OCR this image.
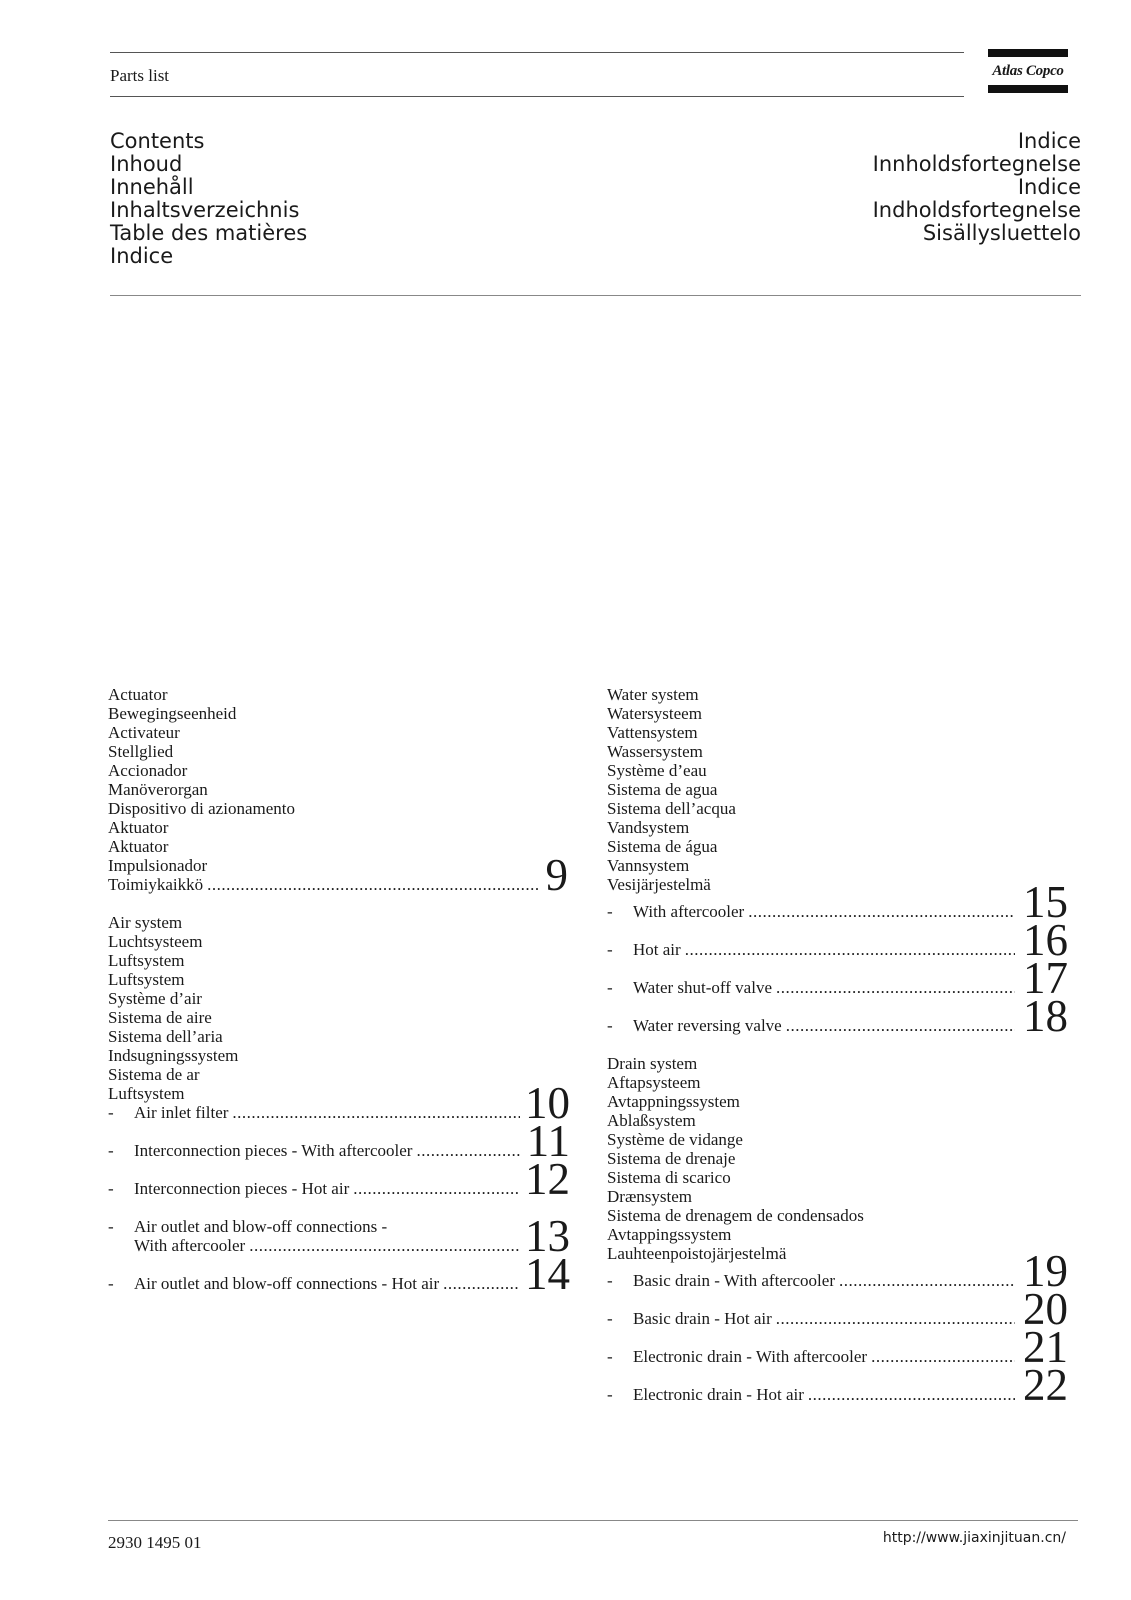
Parts list	Atlas Copco
Contents
Inhoud
Innehåll
Inhaltsverzeichnis
Table des matières
Indice
Indice
Innholdsfortegnelse
Indice
Indholdsfortegnelse
Sisällysluettelo
Actuator
Bewegingseenheid
Activateur
Stellglied
Accionador
Manöverorgan
Dispositivo di azionamento
Aktuator
Aktuator
Impulsionador
Toimiykaikkö .....	9
Air system
Luchtsysteem
Luftsystem
Luftsystem
Système d’air
Sistema de aire
Sistema dell’aria
Indsugningssystem
Sistema de ar
Luftsystem
-	Air inlet filter .....	10
-	Interconnection pieces - With aftercooler .....	11
-	Interconnection pieces - Hot air .....	12
-	Air outlet and blow-off connections -
With aftercooler .....	13
-	Air outlet and blow-off connections - Hot air ..... 14
Water system
Watersysteem
Vattensystem
Wassersystem
Système d’eau
Sistema de agua
Sistema dell’acqua
Vandsystem
Sistema de água
Vannsystem
Vesijärjestelmä
-	With aftercooler .....	15
-	Hot air .....	16
-	Water shut-off valve .....	17
-	Water reversing valve .....	18
Drain system
Aftapsysteem
Avtappningssystem
Ablaßsystem
Système de vidange
Sistema de drenaje
Sistema di scarico
Drænsystem
Sistema de drenagem de condensados
Avtappingssystem
Lauhteenpoistojärjestelmä
-	Basic drain - With aftercooler .....	19
-	Basic drain - Hot air .....	20
-	Electronic drain - With aftercooler .....	21
-	Electronic drain - Hot air .....	22
2930 1495 01	http://www.jiaxinjituan.cn/
